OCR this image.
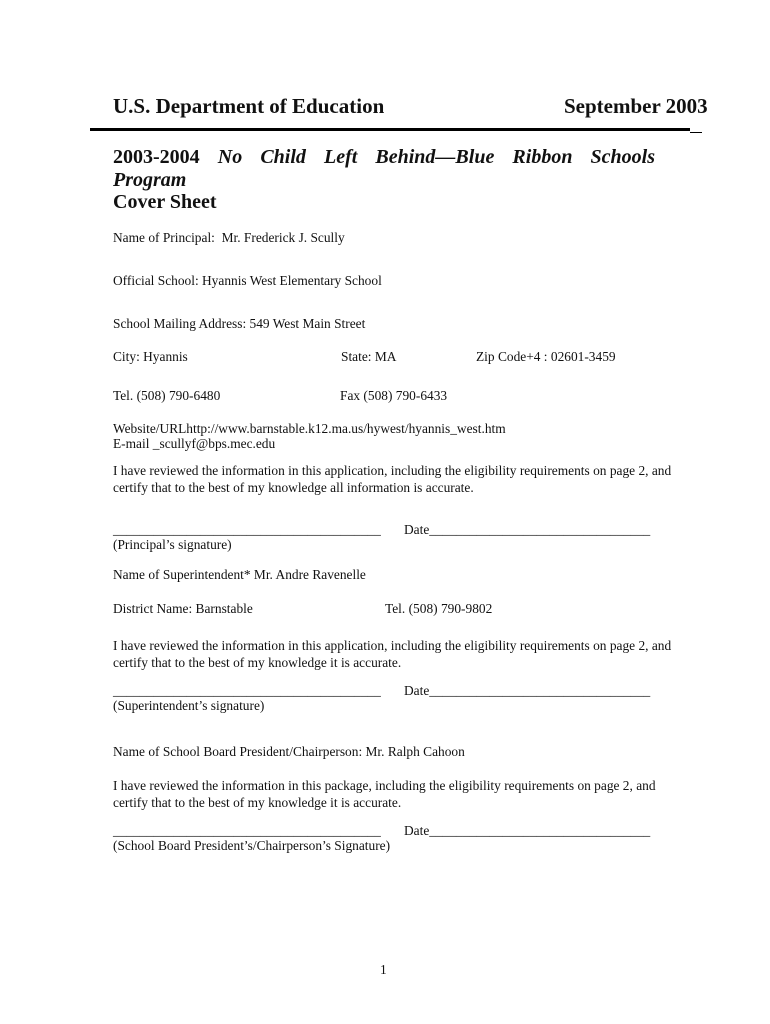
U.S. Department of Education	September 2003
2003-2004 No Child Left Behind—Blue Ribbon Schools
Program
Cover Sheet
Name of Principal: Mr. Frederick J. Scully
Official School: Hyannis West Elementary School
School Mailing Address: 549 West Main Street
City: Hyannis	State: MA	Zip Code+4 : 02601-3459
Tel. (508) 790-6480	Fax (508) 790-6433
Website/URLhttp://www.barnstable.k12.ma.us/hywest/hyannis_west.htm
E-mail _scullyf@bps.mec.edu
I have reviewed the information in this application, including the eligibility requirements on page 2, and certify that to the best of my knowledge all information is accurate.
________________________________________ Date_________________________________
(Principal’s signature)
Name of Superintendent* Mr. Andre Ravenelle
District Name: Barnstable	Tel. (508) 790-9802
I have reviewed the information in this application, including the eligibility requirements on page 2, and certify that to the best of my knowledge it is accurate.
________________________________________ Date_________________________________
(Superintendent’s signature)
Name of School Board President/Chairperson: Mr. Ralph Cahoon
I have reviewed the information in this package, including the eligibility requirements on page 2, and certify that to the best of my knowledge it is accurate.
________________________________________ Date_________________________________
(School Board President’s/Chairperson’s Signature)
1
